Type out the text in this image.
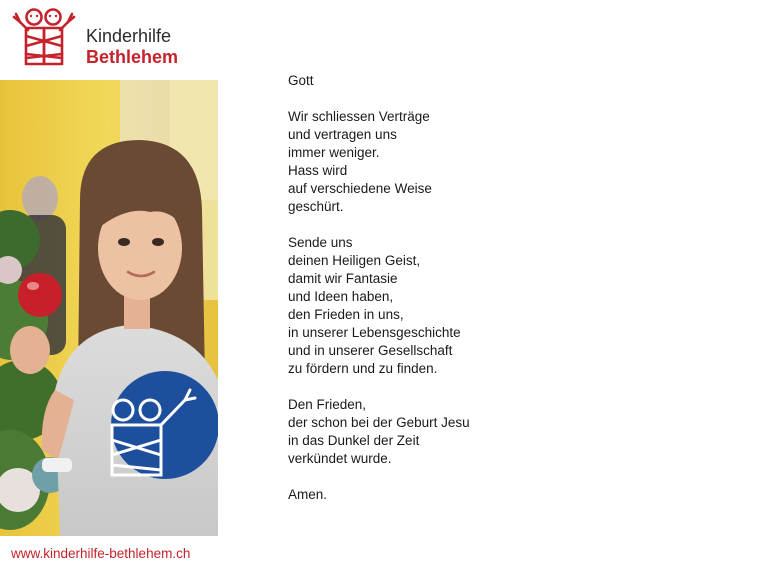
Kinderhilfe
Bethlehem

Gott

Wir schliessen Verträge
und vertragen uns
immer weniger.
Hass wird
auf verschiedene Weise
geschürt.

Sende uns
deinen Heiligen Geist,
damit wir Fantasie
und Ideen haben,
den Frieden in uns,
in unserer Lebensgeschichte
und in unserer Gesellschaft
zu fördern und zu finden.

Den Frieden,
der schon bei der Geburt Jesu
in das Dunkel der Zeit
verkündet wurde.

Amen.

www.kinderhilfe-bethlehem.ch
